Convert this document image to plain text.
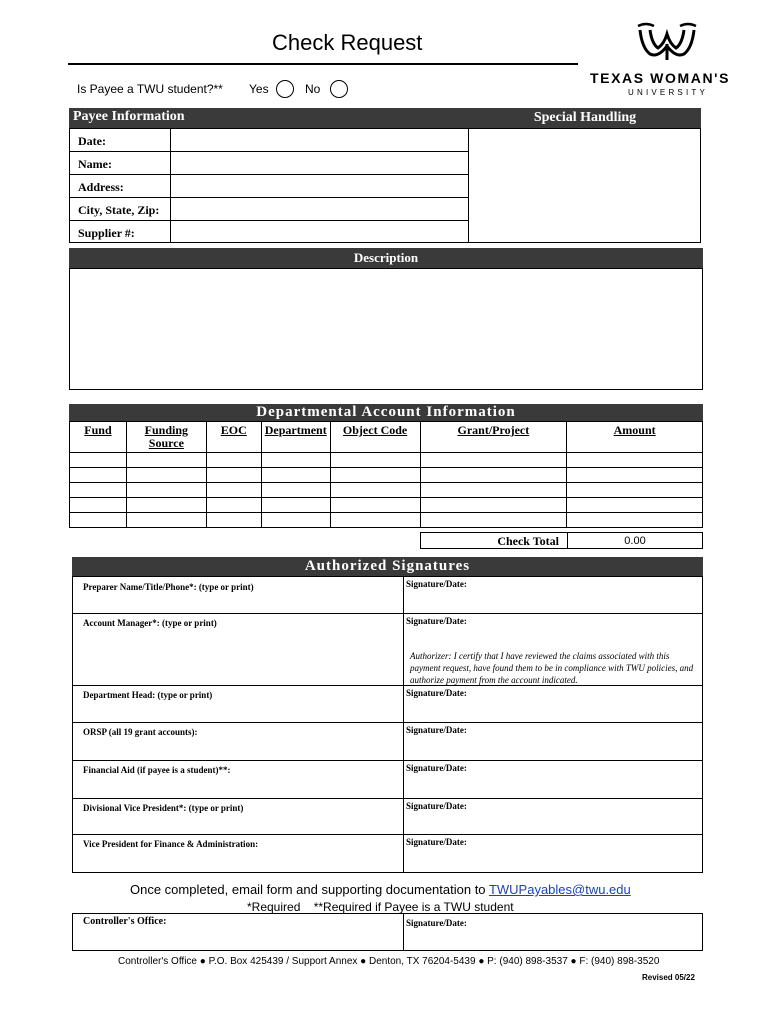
Check Request
TEXAS WOMAN'S
UNIVERSITY
Is Payee a TWU student?** Yes	No
Payee Information	Special Handling
Date:
Name:
Address:
City, State, Zip:
Supplier #:
Description
Departmental Account Information
Fund	Funding Source	EOC	Department	Object Code	Grant/Project	Amount

Check Total	0.00
Authorized Signatures
Preparer Name/Title/Phone*: (type or print)	Signature/Date:
Account Manager*: (type or print)	Signature/Date:
Authorizer: I certify that I have reviewed the claims associated with this payment request, have found them to be in compliance with TWU policies, and authorize payment from the account indicated.
Department Head: (type or print)	Signature/Date:
ORSP (all 19 grant accounts):	Signature/Date:
Financial Aid (if payee is a student)**:	Signature/Date:
Divisional Vice President*: (type or print)	Signature/Date:
Vice President for Finance & Administration:	Signature/Date:
Once completed, email form and supporting documentation to TWUPayables@twu.edu
*Required    **Required if Payee is a TWU student
Controller's Office:	Signature/Date:
Controller's Office ● P.O. Box 425439 / Support Annex ● Denton, TX 76204-5439 ● P: (940) 898-3537 ● F: (940) 898-3520
Revised 05/22
